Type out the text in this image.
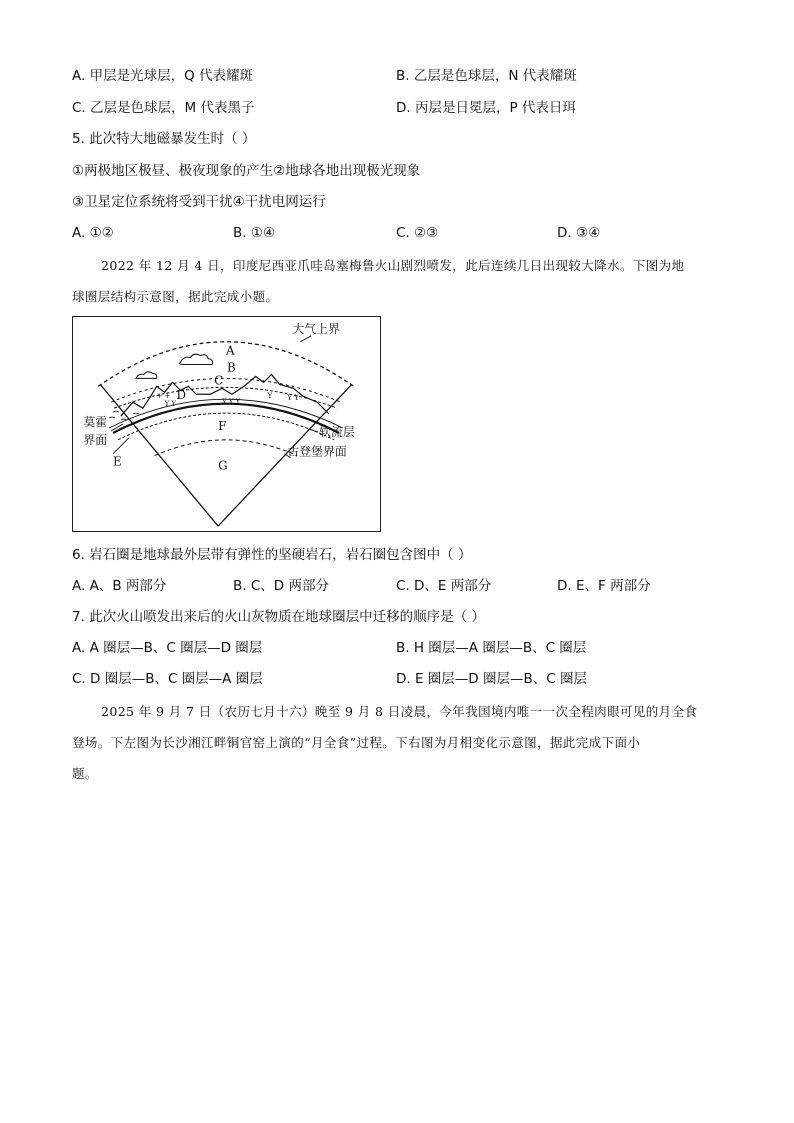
A. 甲层是光球层，Q 代表耀斑	B. 乙层是色球层，N 代表耀斑
C. 乙层是色球层，M 代表黑子	D. 丙层是日冕层，P 代表日珥
5. 此次特大地磁暴发生时（ ）
①两极地区极昼、极夜现象的产生②地球各地出现极光现象
③卫星定位系统将受到干扰④干扰电网运行
A. ①②	B. ①④	C. ②③	D. ③④
2022 年 12 月 4 日，印度尼西亚爪哇岛塞梅鲁火山剧烈喷发，此后连续几日出现较大降水。下图为地
球圈层结构示意图，据此完成小题。
+ +
Y Y	Y Y Y
Y Y Y
大气上界
A
B
C
D
莫霍
界面
E
F	软流层
G
古登堡界面
6. 岩石圈是地球最外层带有弹性的坚硬岩石，岩石圈包含图中（ ）
A. A、B 两部分	B. C、D 两部分	C. D、E 两部分	D. E、F 两部分
7. 此次火山喷发出来后的火山灰物质在地球圈层中迁移的顺序是（ ）
A. A 圈层—B、C 圈层—D 圈层	B. H 圈层—A 圈层—B、C 圈层
C. D 圈层—B、C 圈层—A 圈层	D. E 圈层—D 圈层—B、C 圈层
2025 年 9 月 7 日（农历七月十六）晚至 9 月 8 日凌晨，今年我国境内唯一一次全程肉眼可见的月全食
登场。下左图为长沙湘江畔铜官窑上演的“月全食”过程。下右图为月相变化示意图，据此完成下面小
题。
